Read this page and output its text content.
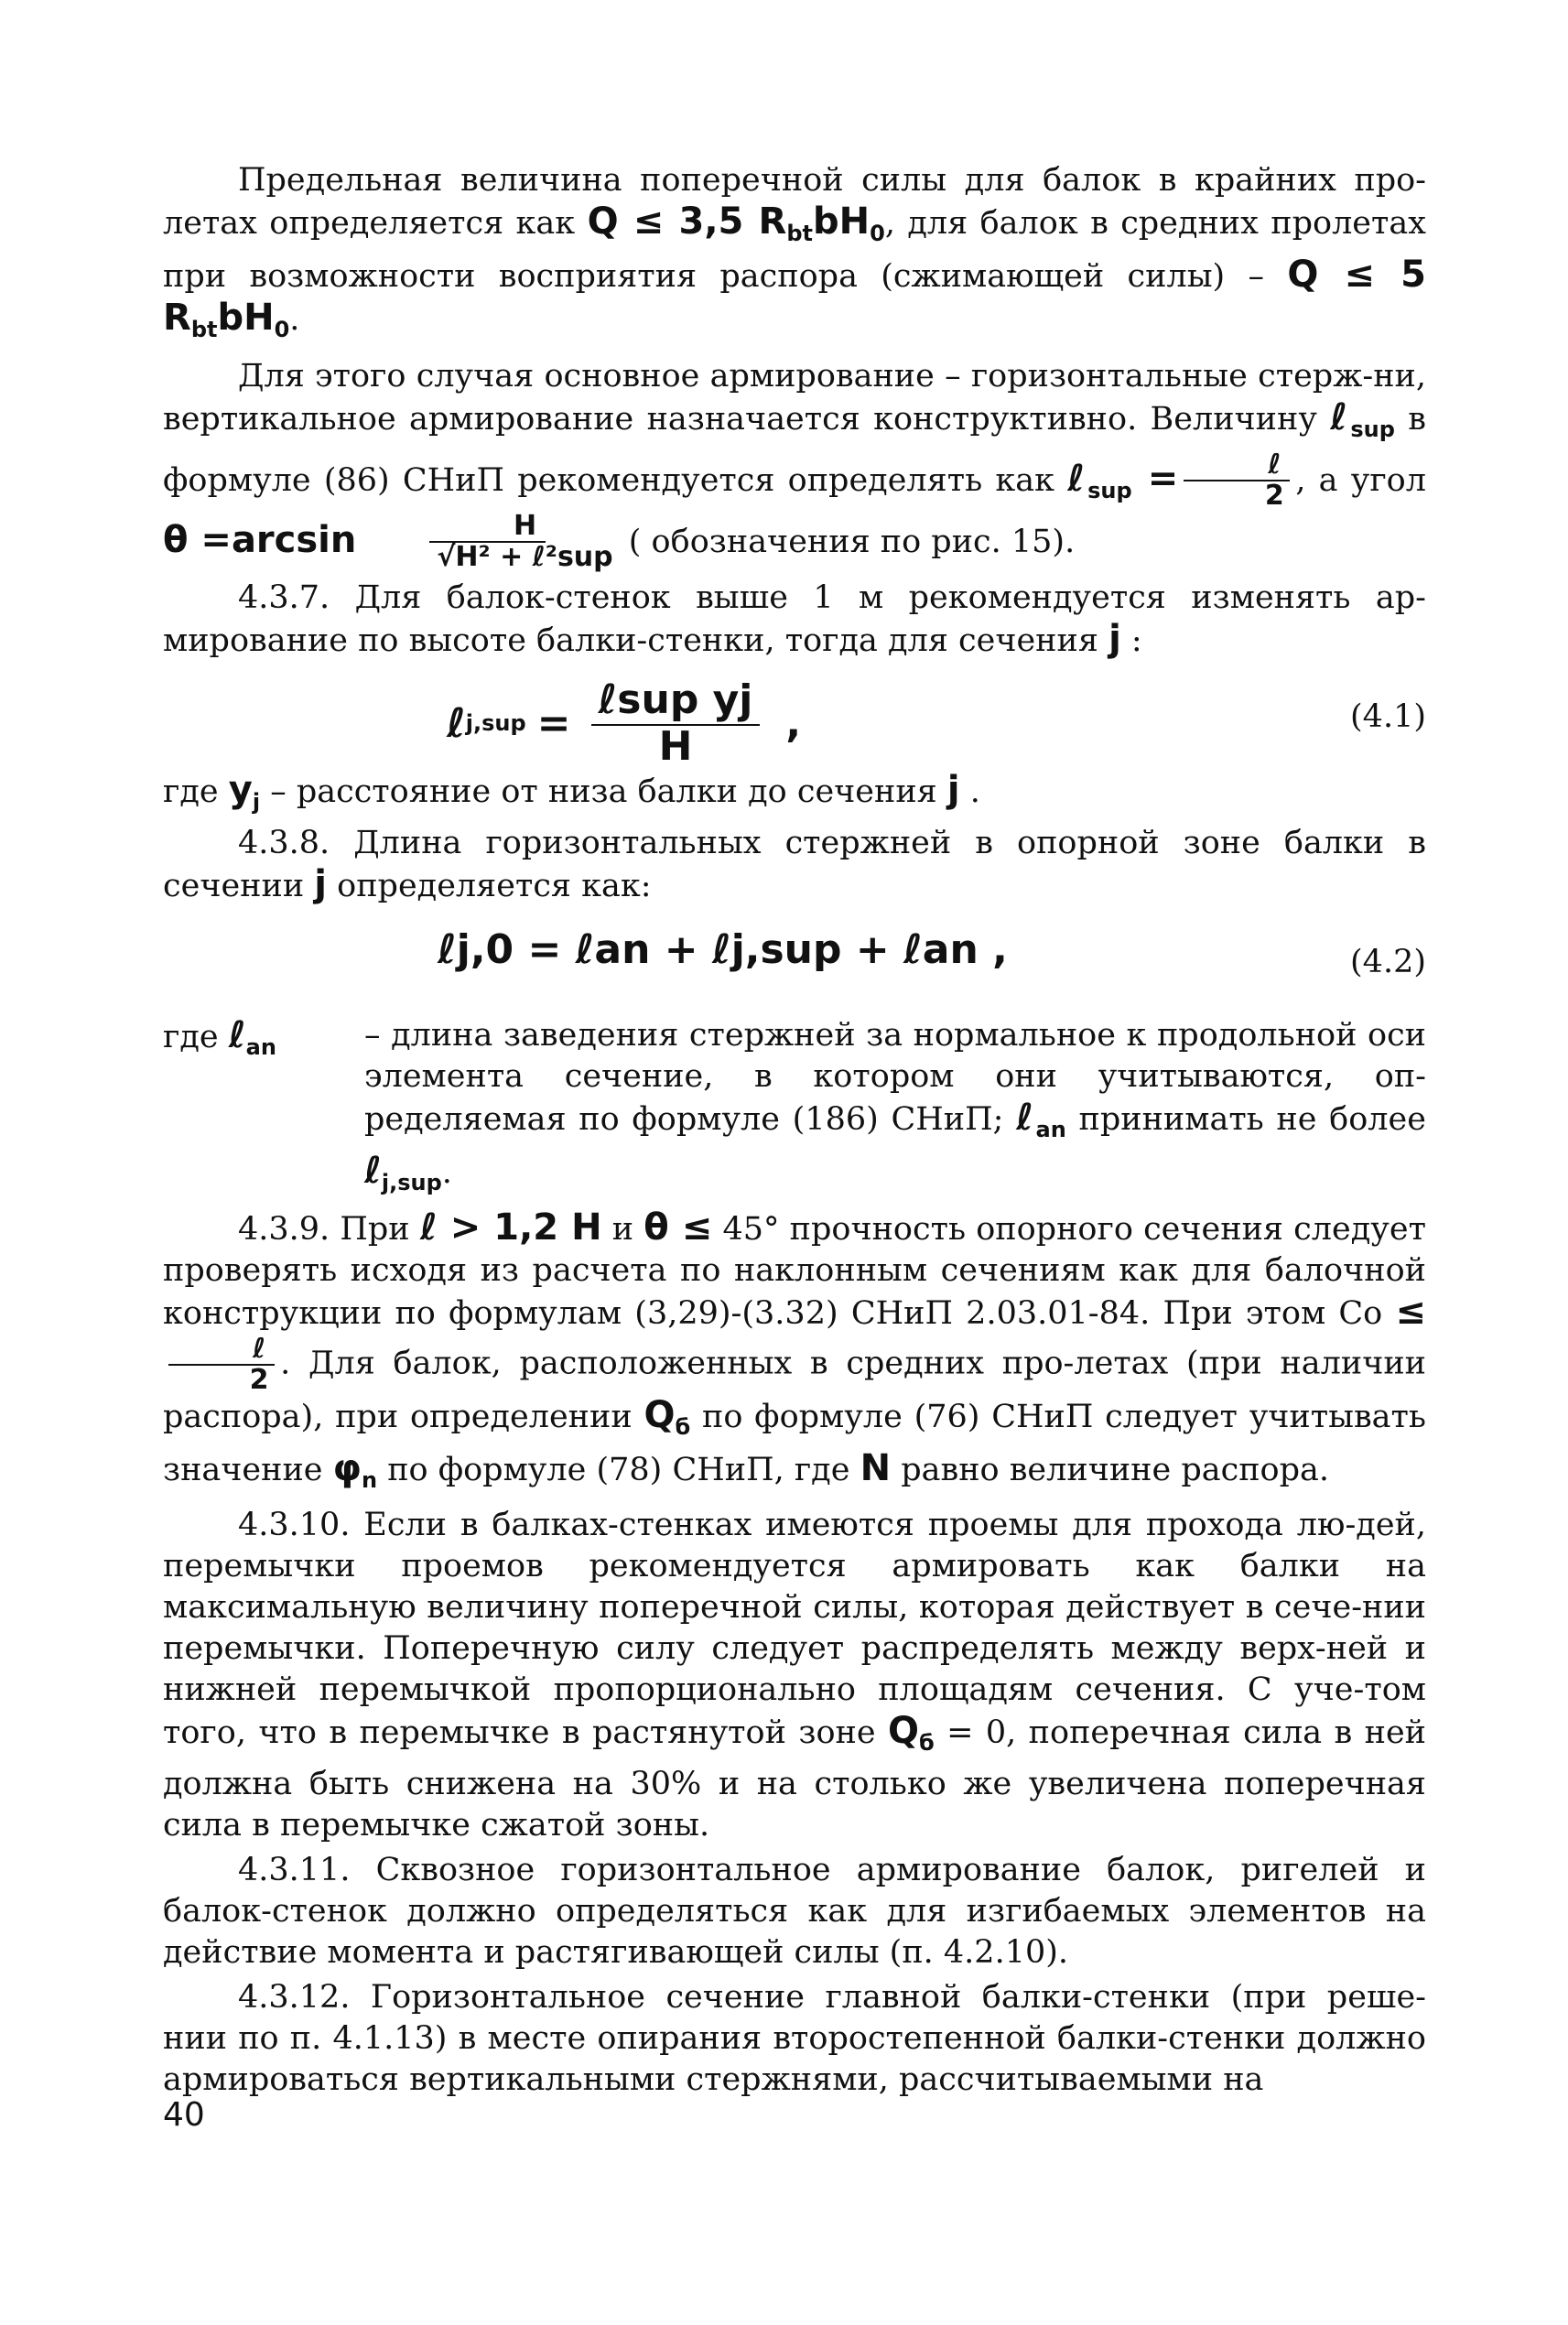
Предельная величина поперечной силы для балок в крайних про-летах определяется как Q ≤ 3,5 $R_{bt}bH_0$, для балок в средних пролетах при возможности восприятия распора (сжимающей силы) – Q ≤ 5 $R_{bt}bH_0$.

Для этого случая основное армирование – горизонтальные стерж-ни, вертикальное армирование назначается конструктивно. Величину ℓ$_{sup}$ в формуле (86) СНиП рекомендуется определять как ℓ$_{sup}$ = $\frac{\text{ℓ}}{2}$ , а угол $\theta =\arcsin \frac{H}{\text{√H² + ℓ²sup}}$ ( обозначения по рис. 15).

4.3.7. Для балок-стенок выше 1 м рекомендуется изменять ар-мирование по высоте балки-стенки, тогда для сечения j :

ℓ $j,sup = \frac{\text{ℓsup yj}}{H}$ ,	(4.1)

где $y_j$ – расстояние от низа балки до сечения j .

4.3.8. Длина горизонтальных стержней в опорной зоне балки в сечении j определяется как:

ℓj,0 = ℓan + ℓj,sup + ℓan ,	(4.2)
где ℓ$_{an}$	– длина заведения стержней за нормальное к продольной оси элемента сечение, в котором они учитываются, оп-ределяемая по формуле (186) СНиП; ℓ$_{an}$ принимать не более ℓ$_{j,sup}$.

4.3.9. При ℓ > 1,2 H и θ ≤ 45° прочность опорного сечения следует проверять исходя из расчета по наклонным сечениям как для балочной конструкции по формулам (3,29)-(3.32) СНиП 2.03.01-84. При этом Со ≤
$\frac{\text{ℓ}}{2}$ . Для балок, расположенных в средних про-летах (при наличии распора), при определении $Q_б$ по формуле (76) СНиП следует учитывать значение $\varphi_n$ по формуле (78) СНиП, где N равно величине распора.

4.3.10. Если в балках-стенках имеются проемы для прохода лю-дей, перемычки проемов рекомендуется армировать как балки на максимальную величину поперечной силы, которая действует в сече-нии перемычки. Поперечную силу следует распределять между верх-ней и нижней перемычкой пропорционально площадям сечения. С уче-том того, что в перемычке в растянутой зоне $Q_б = 0$, поперечная сила в ней должна быть снижена на 30% и на столько же увеличена поперечная сила в перемычке сжатой зоны.

4.3.11. Сквозное горизонтальное армирование балок, ригелей и балок-стенок должно определяться как для изгибаемых элементов на действие момента и растягивающей силы (п. 4.2.10).

4.3.12. Горизонтальное сечение главной балки-стенки (при реше-нии по п. 4.1.13) в месте опирания второстепенной балки-стенки должно армироваться вертикальными стержнями, рассчитываемыми на

40
